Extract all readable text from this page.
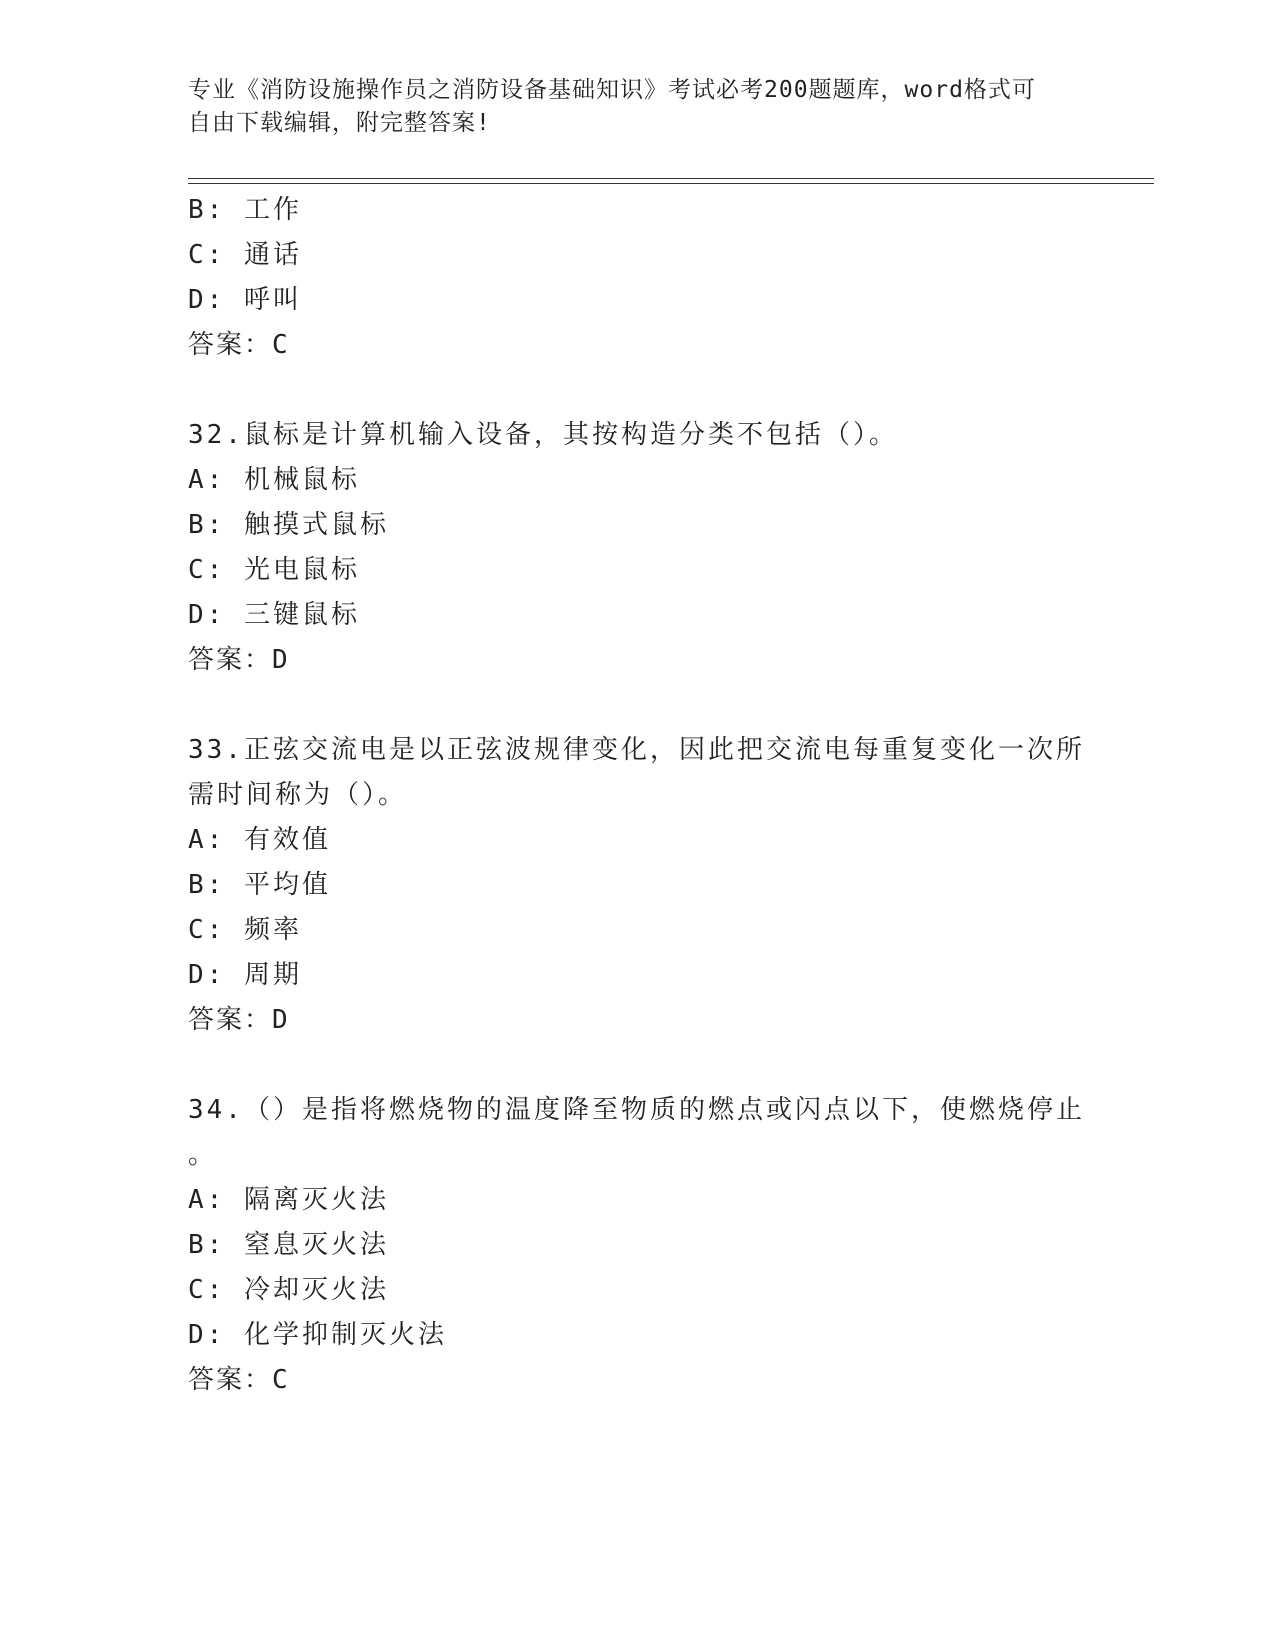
专业《消防设施操作员之消防设备基础知识》考试必考200题题库，word格式可
自由下载编辑，附完整答案!
B: 工作
C: 通话
D: 呼叫
答案：C
32.鼠标是计算机输入设备，其按构造分类不包括（）。
A: 机械鼠标
B: 触摸式鼠标
C: 光电鼠标
D: 三键鼠标
答案：D
33.正弦交流电是以正弦波规律变化，因此把交流电每重复变化一次所
需时间称为（）。
A: 有效值
B: 平均值
C: 频率
D: 周期
答案：D
34.（）是指将燃烧物的温度降至物质的燃点或闪点以下，使燃烧停止
。
A: 隔离灭火法
B: 窒息灭火法
C: 冷却灭火法
D: 化学抑制灭火法
答案：C
